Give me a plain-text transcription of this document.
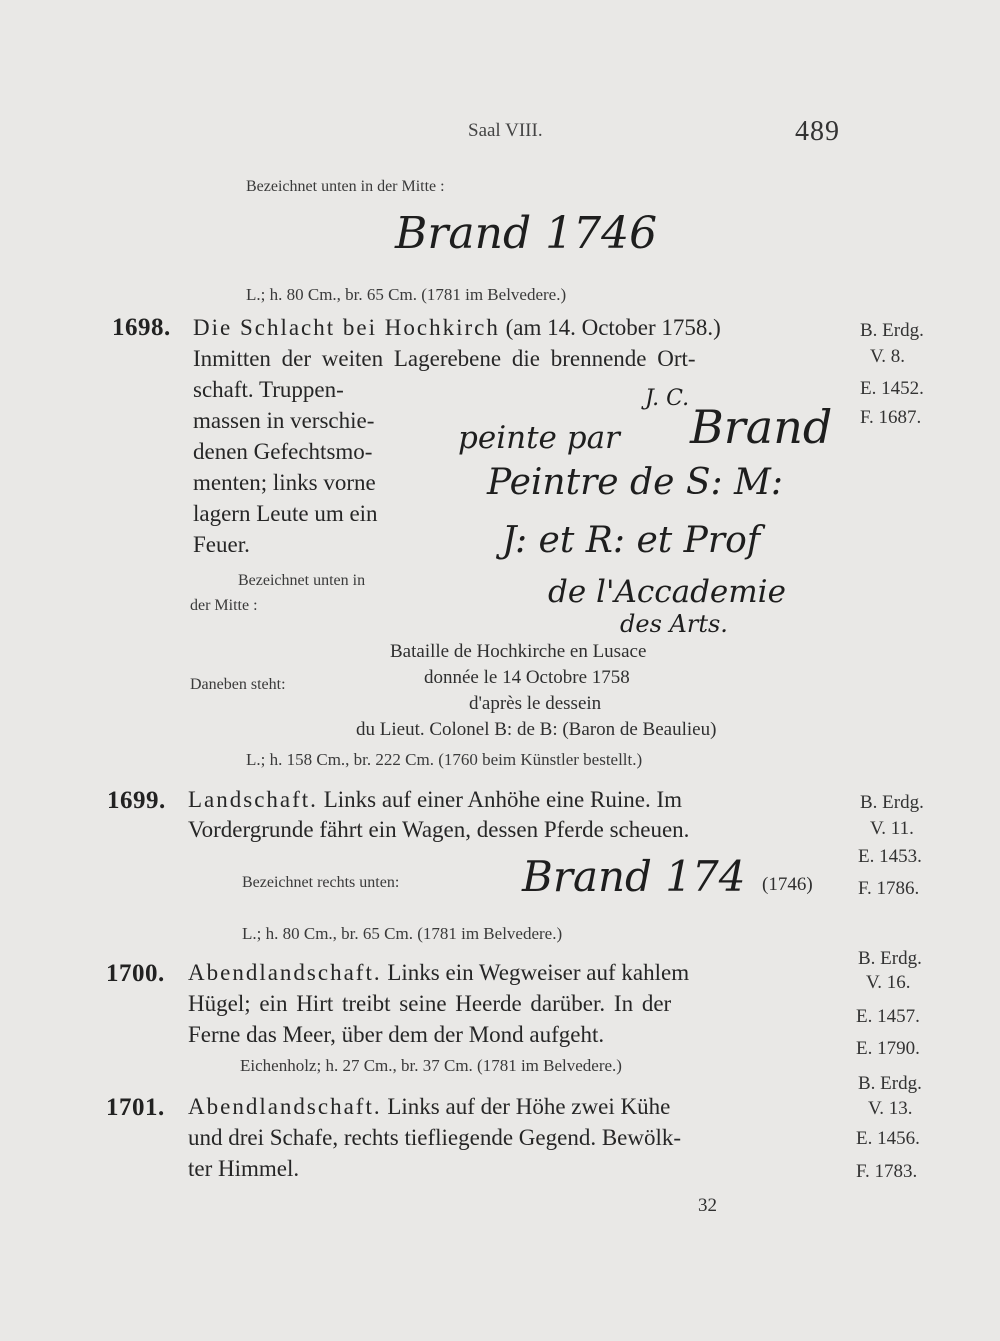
Saal VIII.	489
Bezeichnet unten in der Mitte :
Brand 1746
L.; h. 80 Cm., br. 65 Cm. (1781 im Belvedere.)
1698. Die Schlacht bei Hochkirch (am 14. October 1758.)
Inmitten der weiten Lagerebene die brennende Ort-
schaft. Truppen-
massen in verschie-
denen Gefechtsmo-
menten; links vorne
lagern Leute um ein
Feuer.
Bezeichnet unten in
der Mitte :
J. C.
peinte par Brand
Peintre de S: M:
J: et R: et Prof
de l'Accademie
des Arts.
Daneben steht:
Bataille de Hochkirche en Lusace
donnée le 14 Octobre 1758
d'après le dessein
du Lieut. Colonel B: de B: (Baron de Beaulieu)
L.; h. 158 Cm., br. 222 Cm. (1760 beim Künstler bestellt.)
B. Erdg.
V. 8.
E. 1452.
F. 1687.
1699. Landschaft. Links auf einer Anhöhe eine Ruine. Im
Vordergrunde fährt ein Wagen, dessen Pferde scheuen.
Bezeichnet rechts unten:	Brand 174 (1746)
L.; h. 80 Cm., br. 65 Cm. (1781 im Belvedere.)
B. Erdg.
V. 11.
E. 1453.
F. 1786.
1700. Abendlandschaft. Links ein Wegweiser auf kahlem
Hügel; ein Hirt treibt seine Heerde darüber. In der
Ferne das Meer, über dem der Mond aufgeht.
Eichenholz; h. 27 Cm., br. 37 Cm. (1781 im Belvedere.)
B. Erdg.
V. 16.
E. 1457.
E. 1790.
1701. Abendlandschaft. Links auf der Höhe zwei Kühe
und drei Schafe, rechts tiefliegende Gegend. Bewölk-
ter Himmel.
B. Erdg.
V. 13.
E. 1456.
F. 1783.
32
